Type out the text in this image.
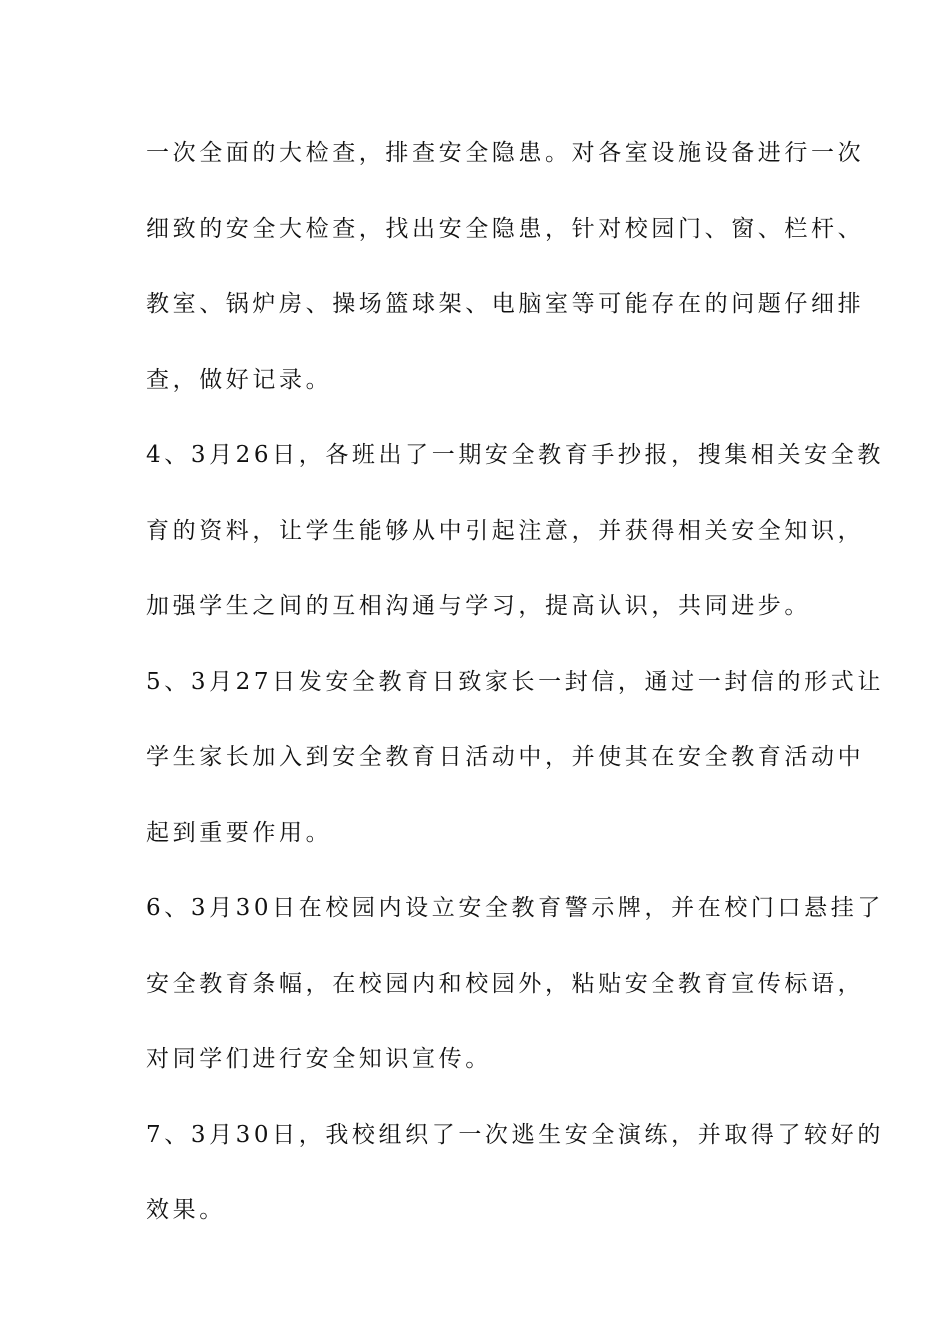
一次全面的大检查，排查安全隐患。对各室设施设备进行一次
细致的安全大检查，找出安全隐患，针对校园门、窗、栏杆、
教室、锅炉房、操场篮球架、电脑室等可能存在的问题仔细排
查，做好记录。
4、3月26日，各班出了一期安全教育手抄报，搜集相关安全教
育的资料，让学生能够从中引起注意，并获得相关安全知识，
加强学生之间的互相沟通与学习，提高认识，共同进步。
5、3月27日发安全教育日致家长一封信，通过一封信的形式让
学生家长加入到安全教育日活动中，并使其在安全教育活动中
起到重要作用。
6、3月30日在校园内设立安全教育警示牌，并在校门口悬挂了
安全教育条幅，在校园内和校园外，粘贴安全教育宣传标语，
对同学们进行安全知识宣传。
7、3月30日，我校组织了一次逃生安全演练，并取得了较好的
效果。
